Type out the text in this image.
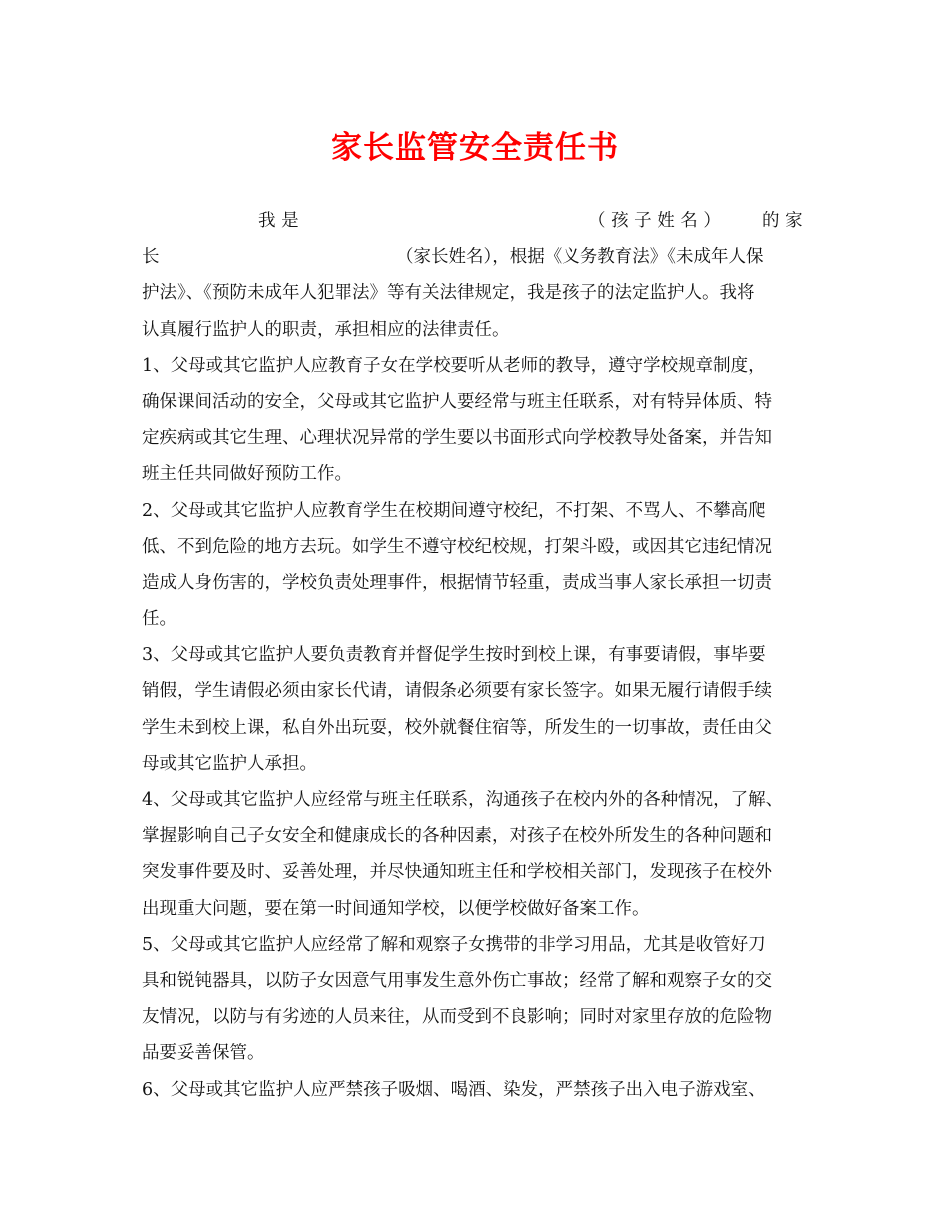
家长监管安全责任书
我 是	（ 孩 子 姓 名 ） 的 家
长	（家长姓名），根据《义务教育法》《未成年人保
护法》、《预防未成年人犯罪法》等有关法律规定，我是孩子的法定监护人。我将
认真履行监护人的职责，承担相应的法律责任。
1、父母或其它监护人应教育子女在学校要听从老师的教导，遵守学校规章制度，
确保课间活动的安全，父母或其它监护人要经常与班主任联系，对有特异体质、特
定疾病或其它生理、心理状况异常的学生要以书面形式向学校教导处备案，并告知
班主任共同做好预防工作。
2、父母或其它监护人应教育学生在校期间遵守校纪，不打架、不骂人、不攀高爬
低、不到危险的地方去玩。如学生不遵守校纪校规，打架斗殴，或因其它违纪情况
造成人身伤害的，学校负责处理事件，根据情节轻重，责成当事人家长承担一切责
任。
3、父母或其它监护人要负责教育并督促学生按时到校上课，有事要请假，事毕要
销假，学生请假必须由家长代请，请假条必须要有家长签字。如果无履行请假手续
学生未到校上课，私自外出玩耍，校外就餐住宿等，所发生的一切事故，责任由父
母或其它监护人承担。
4、父母或其它监护人应经常与班主任联系，沟通孩子在校内外的各种情况，了解、
掌握影响自己子女安全和健康成长的各种因素，对孩子在校外所发生的各种问题和
突发事件要及时、妥善处理，并尽快通知班主任和学校相关部门，发现孩子在校外
出现重大问题，要在第一时间通知学校，以便学校做好备案工作。
5、父母或其它监护人应经常了解和观察子女携带的非学习用品，尤其是收管好刀
具和锐钝器具，以防子女因意气用事发生意外伤亡事故；经常了解和观察子女的交
友情况，以防与有劣迹的人员来往，从而受到不良影响；同时对家里存放的危险物
品要妥善保管。
6、父母或其它监护人应严禁孩子吸烟、喝酒、染发，严禁孩子出入电子游戏室、
